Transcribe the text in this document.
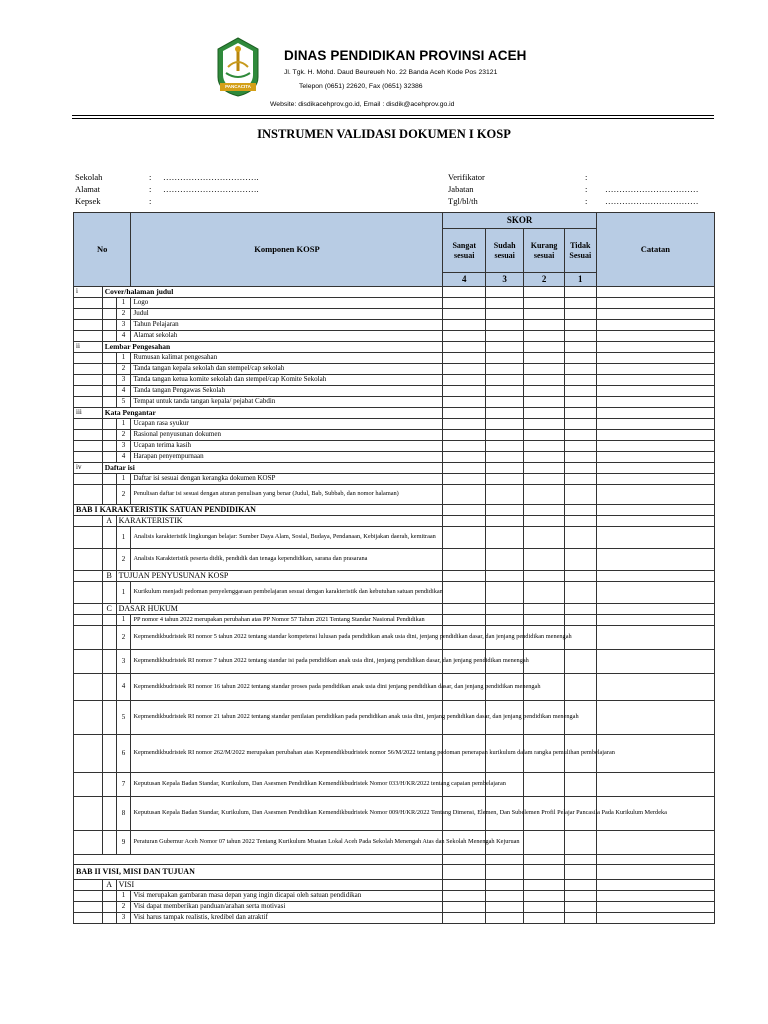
PANCACITA
DINAS PENDIDIKAN PROVINSI ACEH
Jl. Tgk. H. Mohd. Daud Beureueh No. 22 Banda Aceh Kode Pos 23121
Telepon (0651) 22620, Fax (0651) 32386
Website: disdikacehprov.go.id, Email : disdik@acehprov.go.id
INSTRUMEN VALIDASI DOKUMEN I KOSP
Sekolah	: …………………………….
Alamat	: …………………………….
Kepsek	:
Verifikator	:
Jabatan	: ……………………………
Tgl/bl/th	: ……………………………
No			Komponen KOSP	SKOR				Catatan
				Sangat sesuai	Sudah sesuai	Kurang sesuai	Tidak Sesuai	
				4	3	2	1	
i	Cover/halaman judul							
		1	Logo					
		2	Judul					
		3	Tahun Pelajaran					
		4	Alamat sekolah					
ii	Lembar Pengesahan							
		1	Rumusan kalimat pengesahan					
		2	Tanda tangan kepala sekolah dan stempel/cap sekolah					
		3	Tanda tangan ketua komite sekolah dan stempel/cap Komite Sekolah					
		4	Tanda tangan Pengawas Sekolah					
		5	Tempat untuk tanda tangan kepala/ pejabat Cabdin					
iii	Kata Pengantar							
		1	Ucapan rasa syukur					
		2	Rasional penyusunan dokumen					
		3	Ucapan terima kasih					
		4	Harapan penyempurnaan					
iv	Daftar isi							
		1	Daftar isi sesuai dengan kerangka dokumen KOSP					
		2	Penulisan daftar isi sesuai dengan aturan penulisan yang benar (Judul, Bab, Subbab, dan nomor halaman)					
BAB I KARAKTERISTIK SATUAN PENDIDIKAN								
	A	KARAKTERISTIK						
		1	Analisis karakteristik lingkungan belajar: Sumber Daya Alam, Sosial, Budaya, Pendanaan, Kebijakan daerah, kemitraan					
		2	Analisis Karakteristik peserta didik, pendidik dan tenaga kependidikan, sarana dan prasarana					
	B	TUJUAN PENYUSUNAN KOSP						
		1	Kurikulum menjadi pedoman penyelenggaraan pembelajaran sesuai dengan karakteristik dan kebutuhan satuan pendidikan					
	C	DASAR HUKUM						
		1	PP nomor 4 tahun 2022 merupakan perubahan atas PP Nomor 57 Tahun 2021 Tentang Standar Nasional Pendidikan					
		2	Kepmendikbudristek RI nomor 5 tahun 2022 tentang standar kompetensi lulusan pada pendidikan anak usia dini, jenjang pendidikan dasar, dan jenjang pendidikan menengah					
		3	Kepmendikbudristek RI nomor 7 tahun 2022 tentang standar isi pada pendidikan anak usia dini, jenjang pendidikan dasar, dan jenjang pendidikan menengah					
		4	Kepmendikbudristek RI nomor 16 tahun 2022 tentang standar proses pada pendidikan anak usia dini jenjang pendidikan dasar, dan jenjang pendidikan menengah					
		5	Kepmendikbudristek RI nomor 21 tahun 2022 tentang standar penilaian pendidikan pada pendidikan anak usia dini, jenjang pendidikan dasar, dan jenjang pendidikan menengah					
		6	Kepmendikbudristek RI nomor 262/M/2022 merupakan perubahan atas Kepmendikbudristek nomor 56/M/2022 tentang pedoman penerapan kurikulum dalam rangka pemulihan pembelajaran					
		7	Keputusan Kepala Badan Standar, Kurikulum, Dan Asesmen Pendidikan Kemendikbudristek Nomor 033/H/KR/2022 tentang capaian pembelajaran					
		8	Keputusan Kepala Badan Standar, Kurikulum, Dan Asesmen Pendidikan Kemendikbudristek Nomor 009/H/KR/2022 Tentang Dimensi, Elemen, Dan Subelemen Profil Pelajar Pancasila Pada Kurikulum Merdeka					
		9	Peraturan Gubernur Aceh Nomor 07 tahun 2022 Tentang Kurikulum Muatan Lokal Aceh Pada Sekolah Menengah Atas dan Sekolah Menengah Kejuruan					

BAB II VISI, MISI DAN TUJUAN								
	A	VISI						
		1	Visi merupakan gambaran masa depan yang ingin dicapai oleh satuan pendidikan					
		2	Visi dapat memberikan panduan/arahan serta motivasi					
		3	Visi harus tampak realistis, kredibel dan atraktif					
